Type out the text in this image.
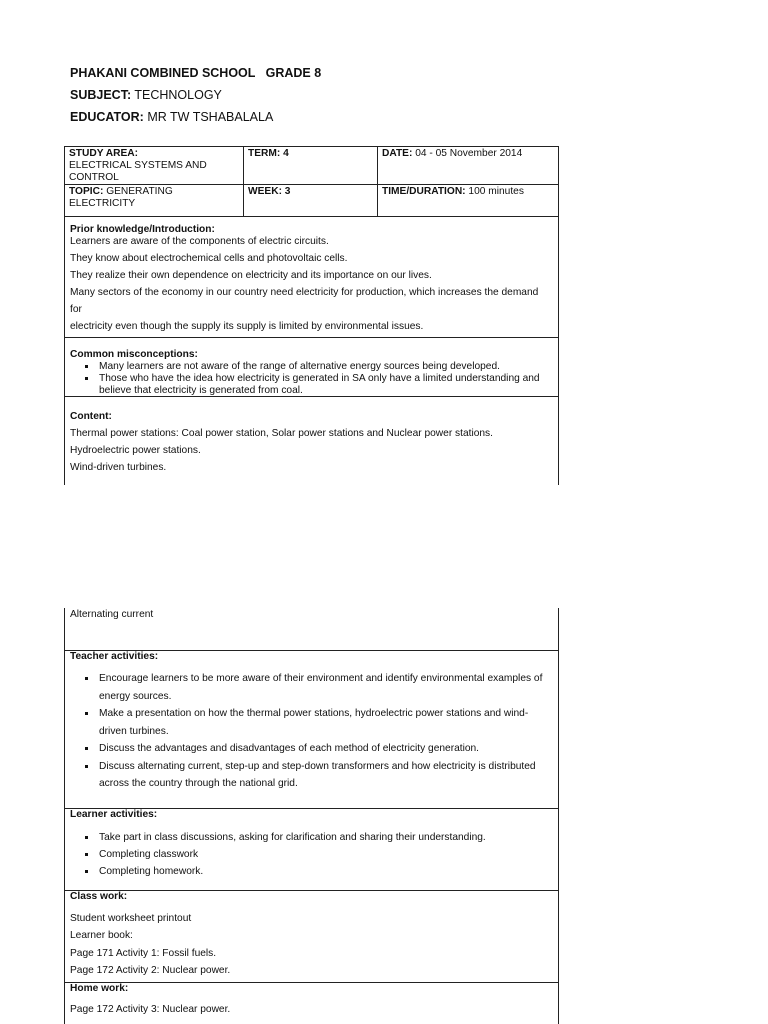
PHAKANI COMBINED SCHOOL   GRADE 8
SUBJECT: TECHNOLOGY
EDUCATOR: MR TW TSHABALALA
STUDY AREA:
ELECTRICAL SYSTEMS AND CONTROL
TERM: 4	DATE: 04 - 05 November 2014
TOPIC: GENERATING ELECTRICITY
WEEK: 3	TIME/DURATION: 100 minutes
Prior knowledge/Introduction:
Learners are aware of the components of electric circuits.
They know about electrochemical cells and photovoltaic cells.
They realize their own dependence on electricity and its importance on our lives.
Many sectors of the economy in our country need electricity for production, which increases the demand for
electricity even though the supply its supply is limited by environmental issues.
Common misconceptions:
▪ Many learners are not aware of the range of alternative energy sources being developed.
▪ Those who have the idea how electricity is generated in SA only have a limited understanding and believe that electricity is generated from coal.
Content:
Thermal power stations: Coal power station, Solar power stations and Nuclear power stations.
Hydroelectric power stations.
Wind-driven turbines.
Alternating current
Teacher activities:
▪ Encourage learners to be more aware of their environment and identify environmental examples of energy sources.
▪ Make a presentation on how the thermal power stations, hydroelectric power stations and wind-driven turbines.
▪ Discuss the advantages and disadvantages of each method of electricity generation.
▪ Discuss alternating current, step-up and step-down transformers and how electricity is distributed across the country through the national grid.
Learner activities:
▪ Take part in class discussions, asking for clarification and sharing their understanding.
▪ Completing classwork
▪ Completing homework.
Class work:
Student worksheet printout
Learner book:
Page 171 Activity 1: Fossil fuels.
Page 172 Activity 2: Nuclear power.
Home work:
Page 172 Activity 3: Nuclear power.
